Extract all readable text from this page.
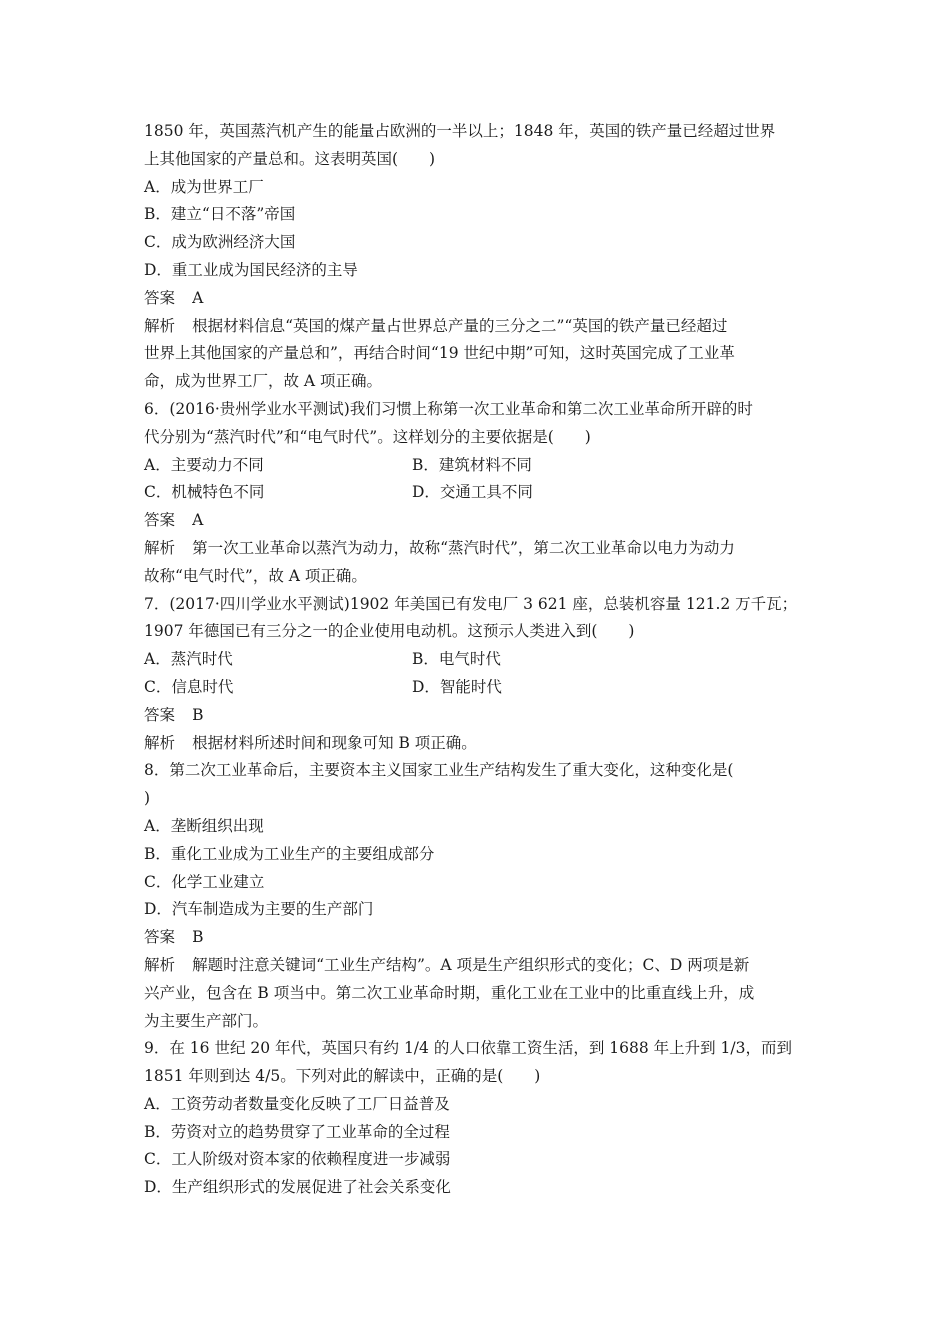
1850 年，英国蒸汽机产生的能量占欧洲的一半以上；1848 年，英国的铁产量已经超过世界
上其他国家的产量总和。这表明英国(　　)
A．成为世界工厂
B．建立“日不落”帝国
C．成为欧洲经济大国
D．重工业成为国民经济的主导
答案 A
解析 根据材料信息“英国的煤产量占世界总产量的三分之二”“英国的铁产量已经超过
世界上其他国家的产量总和”，再结合时间“19 世纪中期”可知，这时英国完成了工业革
命，成为世界工厂，故 A 项正确。
6．(2016·贵州学业水平测试)我们习惯上称第一次工业革命和第二次工业革命所开辟的时
代分别为“蒸汽时代”和“电气时代”。这样划分的主要依据是(　　)
A．主要动力不同	B．建筑材料不同
C．机械特色不同	D．交通工具不同
答案 A
解析 第一次工业革命以蒸汽为动力，故称“蒸汽时代”，第二次工业革命以电力为动力
故称“电气时代”，故 A 项正确。
7．(2017·四川学业水平测试)1902 年美国已有发电厂 3 621 座，总装机容量 121.2 万千瓦；
1907 年德国已有三分之一的企业使用电动机。这预示人类进入到(　　)
A．蒸汽时代	B．电气时代
C．信息时代	D．智能时代
答案 B
解析 根据材料所述时间和现象可知 B 项正确。
8．第二次工业革命后，主要资本主义国家工业生产结构发生了重大变化，这种变化是(
)
A．垄断组织出现
B．重化工业成为工业生产的主要组成部分
C．化学工业建立
D．汽车制造成为主要的生产部门
答案 B
解析 解题时注意关键词“工业生产结构”。A 项是生产组织形式的变化；C、D 两项是新
兴产业，包含在 B 项当中。第二次工业革命时期，重化工业在工业中的比重直线上升，成
为主要生产部门。
9．在 16 世纪 20 年代，英国只有约 1/4 的人口依靠工资生活，到 1688 年上升到 1/3，而到
1851 年则到达 4/5。下列对此的解读中，正确的是(　　)
A．工资劳动者数量变化反映了工厂日益普及
B．劳资对立的趋势贯穿了工业革命的全过程
C．工人阶级对资本家的依赖程度进一步减弱
D．生产组织形式的发展促进了社会关系变化
